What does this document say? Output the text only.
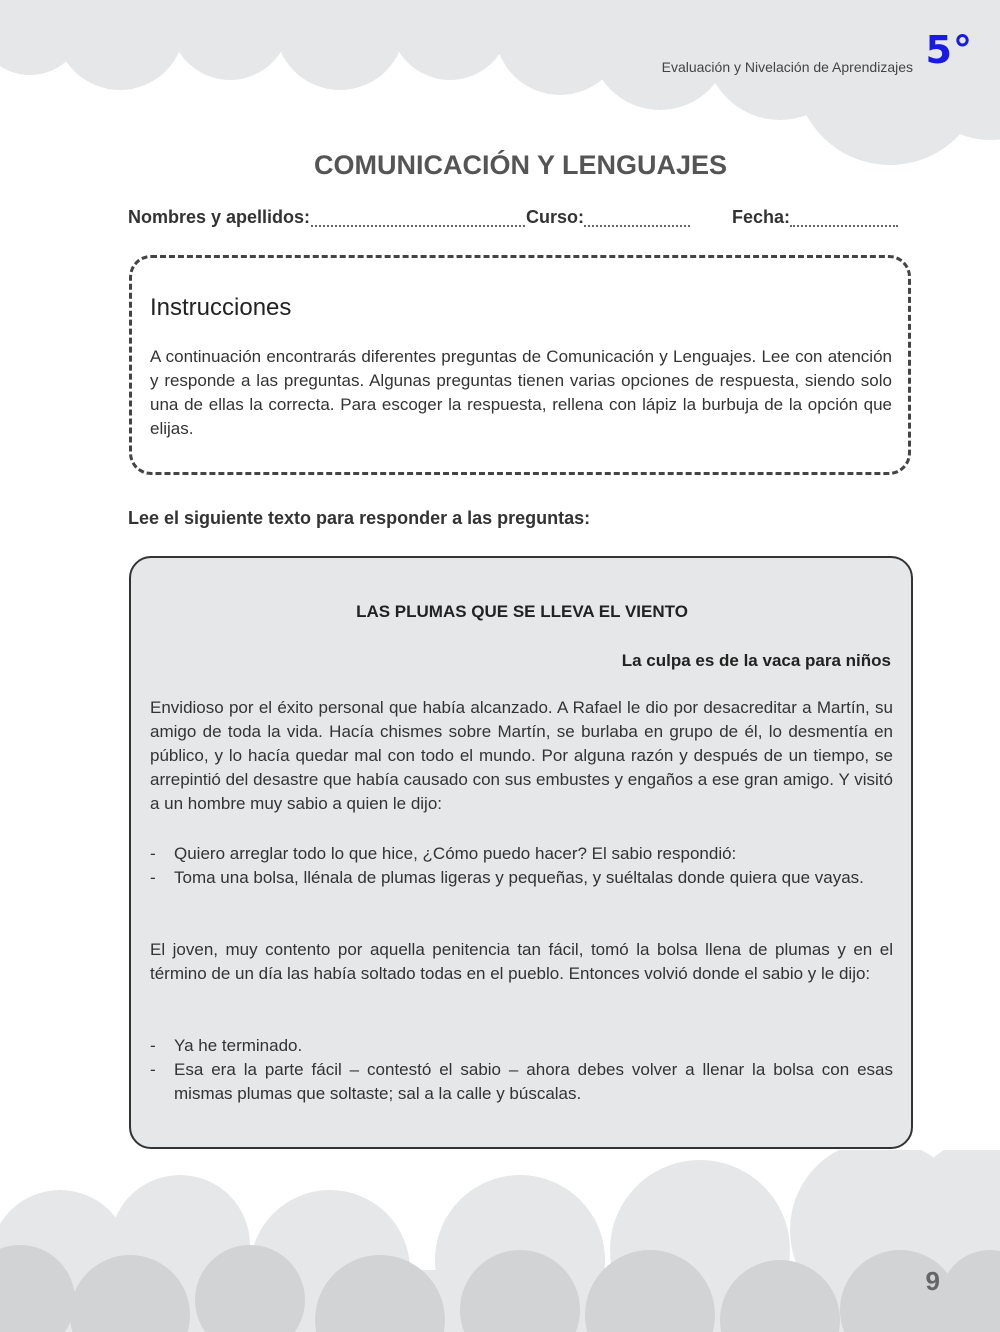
Evaluación y Nivelación de Aprendizajes 5°
COMUNICACIÓN Y LENGUAJES
Nombres y apellidos:	Curso:	Fecha:
Instrucciones
A continuación encontrarás diferentes preguntas de Comunicación y Lenguajes. Lee con atención y responde a las preguntas. Algunas preguntas tienen varias opciones de respuesta, siendo solo una de ellas la correcta. Para escoger la respuesta, rellena con lápiz la burbuja de la opción que elijas.
Lee el siguiente texto para responder a las preguntas:
LAS PLUMAS QUE SE LLEVA EL VIENTO
La culpa es de la vaca para niños
Envidioso por el éxito personal que había alcanzado. A Rafael le dio por desacreditar a Martín, su amigo de toda la vida. Hacía chismes sobre Martín, se burlaba en grupo de él, lo desmentía en público, y lo hacía quedar mal con todo el mundo. Por alguna razón y después de un tiempo, se arrepintió del desastre que había causado con sus embustes y engaños a ese gran amigo. Y visitó a un hombre muy sabio a quien le dijo:
- Quiero arreglar todo lo que hice, ¿Cómo puedo hacer? El sabio respondió:
- Toma una bolsa, llénala de plumas ligeras y pequeñas, y suéltalas donde quiera que vayas.
El joven, muy contento por aquella penitencia tan fácil, tomó la bolsa llena de plumas y en el término de un día las había soltado todas en el pueblo. Entonces volvió donde el sabio y le dijo:
- Ya he terminado.
- Esa era la parte fácil – contestó el sabio – ahora debes volver a llenar la bolsa con esas mismas plumas que soltaste; sal a la calle y búscalas.
9
